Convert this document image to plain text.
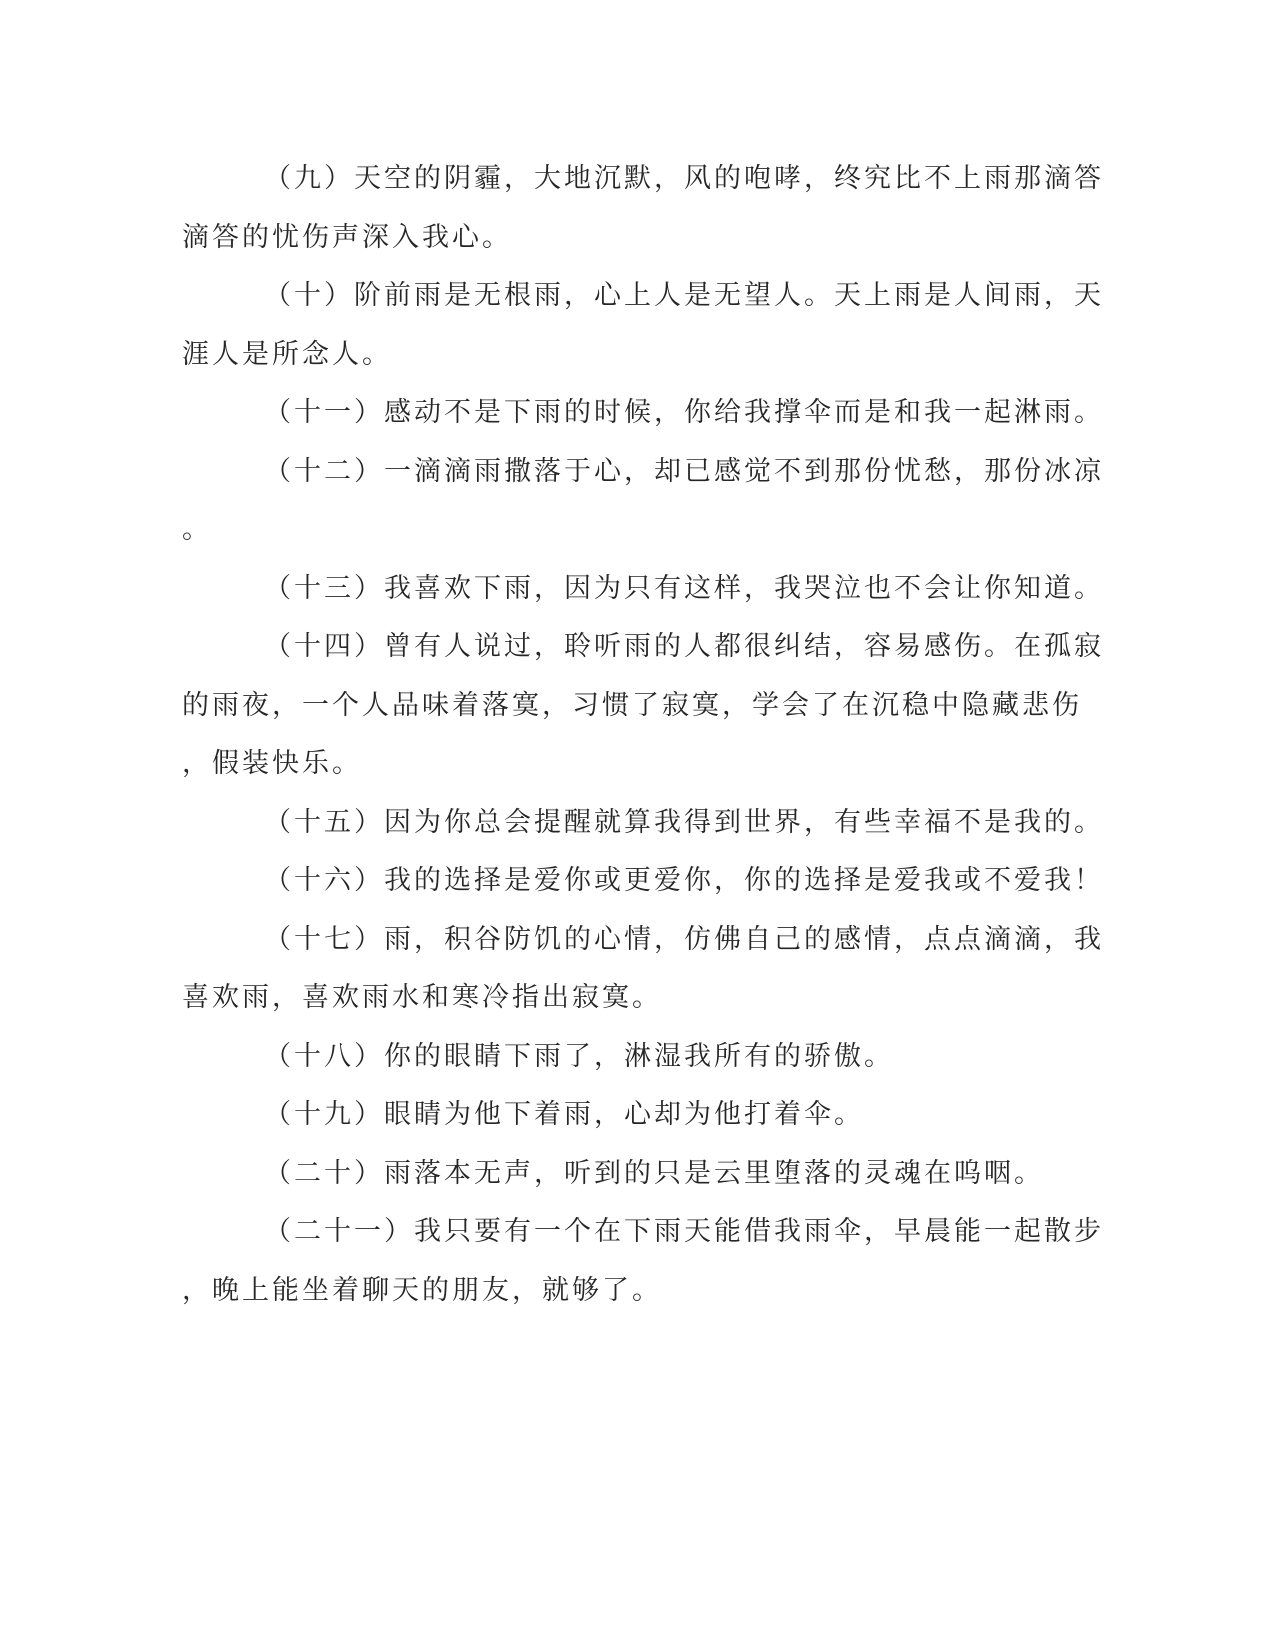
（九）天空的阴霾，大地沉默，风的咆哮，终究比不上雨那滴答
滴答的忧伤声深入我心。
（十）阶前雨是无根雨，心上人是无望人。天上雨是人间雨，天
涯人是所念人。
（十一）感动不是下雨的时候，你给我撑伞而是和我一起淋雨。
（十二）一滴滴雨撒落于心，却已感觉不到那份忧愁，那份冰凉
。
（十三）我喜欢下雨，因为只有这样，我哭泣也不会让你知道。
（十四）曾有人说过，聆听雨的人都很纠结，容易感伤。在孤寂
的雨夜，一个人品味着落寞，习惯了寂寞，学会了在沉稳中隐藏悲伤
，假装快乐。
（十五）因为你总会提醒就算我得到世界，有些幸福不是我的。
（十六）我的选择是爱你或更爱你，你的选择是爱我或不爱我！
（十七）雨，积谷防饥的心情，仿佛自己的感情，点点滴滴，我
喜欢雨，喜欢雨水和寒冷指出寂寞。
（十八）你的眼睛下雨了，淋湿我所有的骄傲。
（十九）眼睛为他下着雨，心却为他打着伞。
（二十）雨落本无声，听到的只是云里堕落的灵魂在呜咽。
（二十一）我只要有一个在下雨天能借我雨伞，早晨能一起散步
，晚上能坐着聊天的朋友，就够了。
